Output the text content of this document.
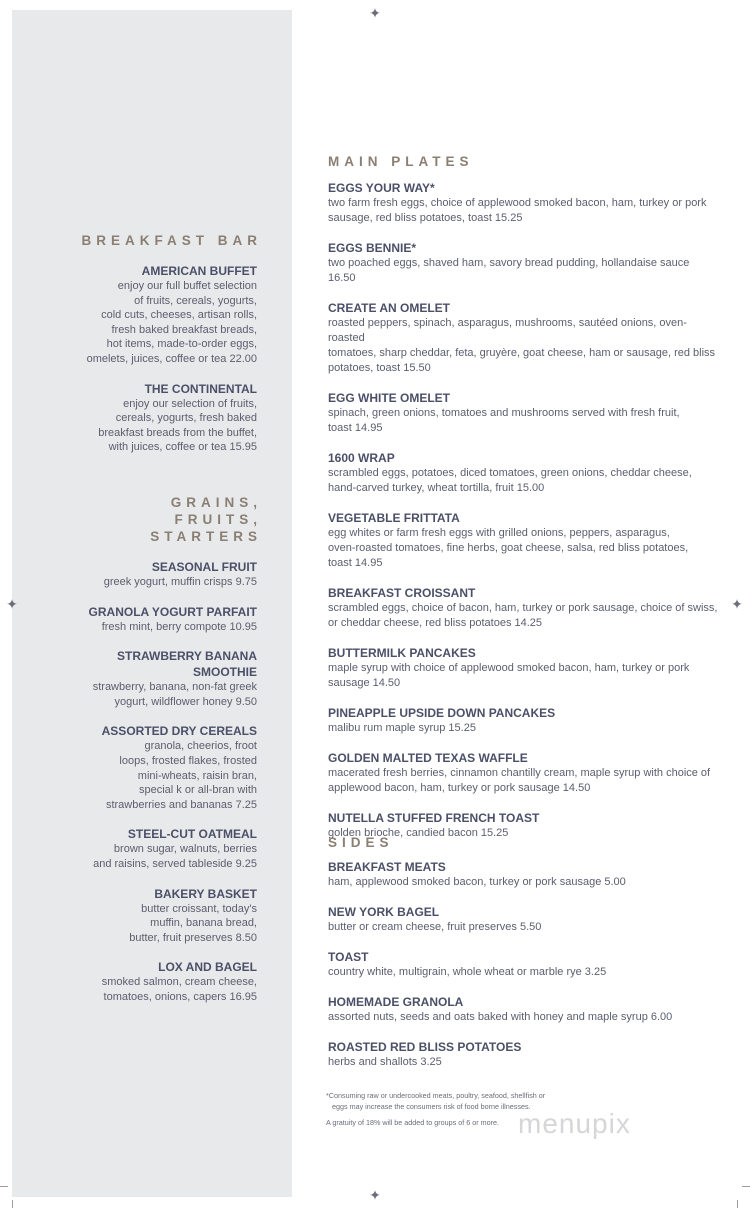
✦
✦
✦	✦
BREAKFAST BAR
AMERICAN BUFFET
enjoy our full buffet selection
of fruits, cereals, yogurts,
cold cuts, cheeses, artisan rolls,
fresh baked breakfast breads,
hot items, made-to-order eggs,
omelets, juices, coffee or tea 22.00
THE CONTINENTAL
enjoy our selection of fruits,
cereals, yogurts, fresh baked
breakfast breads from the buffet,
with juices, coffee or tea 15.95
GRAINS,
FRUITS,
STARTERS
SEASONAL FRUIT
greek yogurt, muffin crisps 9.75
GRANOLA YOGURT PARFAIT
fresh mint, berry compote 10.95
STRAWBERRY BANANA
SMOOTHIE
strawberry, banana, non-fat greek
yogurt, wildflower honey 9.50
ASSORTED DRY CEREALS
granola, cheerios, froot
loops, frosted flakes, frosted
mini-wheats, raisin bran,
special k or all-bran with
strawberries and bananas 7.25
STEEL-CUT OATMEAL
brown sugar, walnuts, berries
and raisins, served tableside 9.25
BAKERY BASKET
butter croissant, today's
muffin, banana bread,
butter, fruit preserves 8.50
LOX AND BAGEL
smoked salmon, cream cheese,
tomatoes, onions, capers 16.95
MAIN PLATES
EGGS YOUR WAY*
two farm fresh eggs, choice of applewood smoked bacon, ham, turkey or pork
sausage, red bliss potatoes, toast 15.25
EGGS BENNIE*
two poached eggs, shaved ham, savory bread pudding, hollandaise sauce 16.50
CREATE AN OMELET
roasted peppers, spinach, asparagus, mushrooms, sautéed onions, oven-roasted
tomatoes, sharp cheddar, feta, gruyère, goat cheese, ham or sausage, red bliss
potatoes, toast 15.50
EGG WHITE OMELET
spinach, green onions, tomatoes and mushrooms served with fresh fruit,
toast 14.95
1600 WRAP
scrambled eggs, potatoes, diced tomatoes, green onions, cheddar cheese,
hand-carved turkey, wheat tortilla, fruit 15.00
VEGETABLE FRITTATA
egg whites or farm fresh eggs with grilled onions, peppers, asparagus,
oven-roasted tomatoes, fine herbs, goat cheese, salsa, red bliss potatoes,
toast 14.95
BREAKFAST CROISSANT
scrambled eggs, choice of bacon, ham, turkey or pork sausage, choice of swiss,
or cheddar cheese, red bliss potatoes 14.25
BUTTERMILK PANCAKES
maple syrup with choice of applewood smoked bacon, ham, turkey or pork
sausage 14.50
PINEAPPLE UPSIDE DOWN PANCAKES
malibu rum maple syrup 15.25
GOLDEN MALTED TEXAS WAFFLE
macerated fresh berries, cinnamon chantilly cream, maple syrup with choice of
applewood bacon, ham, turkey or pork sausage 14.50
NUTELLA STUFFED FRENCH TOAST
golden brioche, candied bacon 15.25
SIDES
BREAKFAST MEATS
ham, applewood smoked bacon, turkey or pork sausage 5.00
NEW YORK BAGEL
butter or cream cheese, fruit preserves 5.50
TOAST
country white, multigrain, whole wheat or marble rye 3.25
HOMEMADE GRANOLA
assorted nuts, seeds and oats baked with honey and maple syrup 6.00
ROASTED RED BLISS POTATOES
herbs and shallots 3.25
*Consuming raw or undercooked meats, poultry, seafood, shellfish or
eggs may increase the consumers risk of food borne illnesses.
A gratuity of 18% will be added to groups of 6 or more. menupix
